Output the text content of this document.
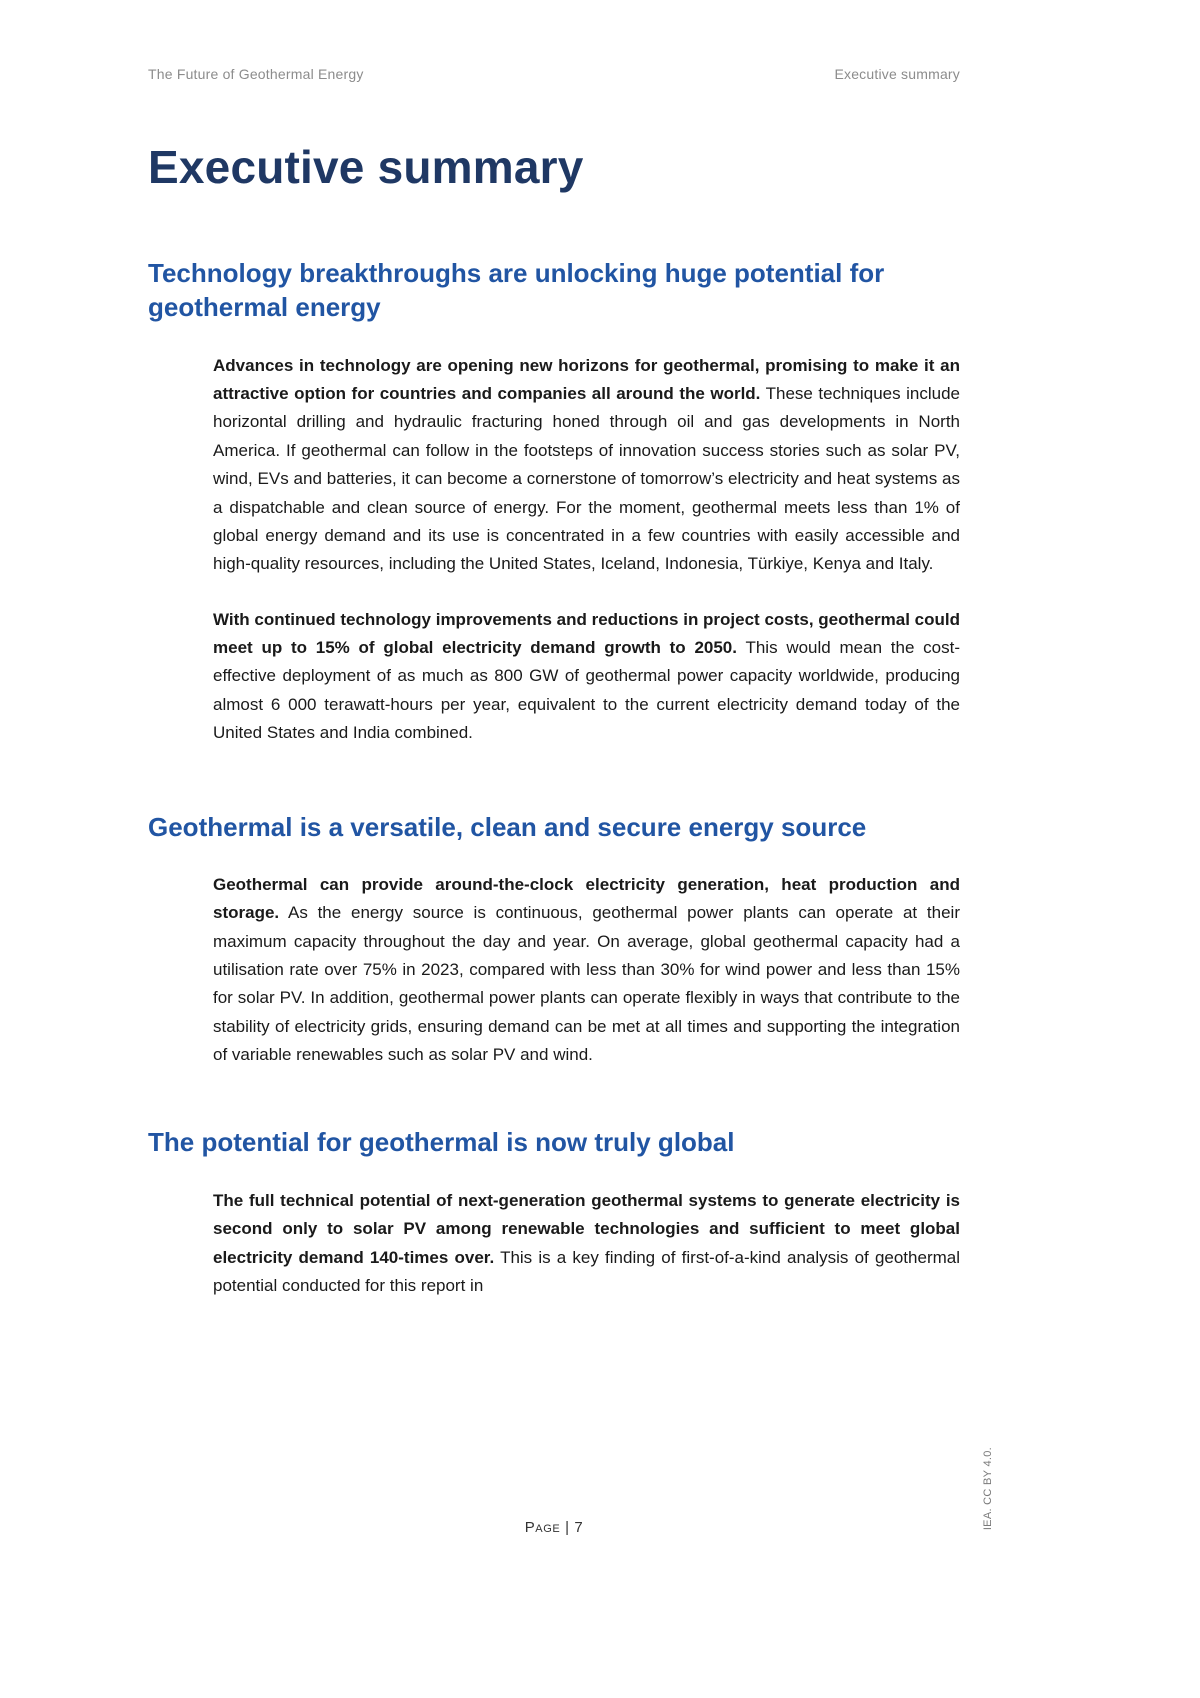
The Future of Geothermal Energy	Executive summary
Executive summary
Technology breakthroughs are unlocking huge potential for geothermal energy

Advances in technology are opening new horizons for geothermal, promising to make it an attractive option for countries and companies all around the world. These techniques include horizontal drilling and hydraulic fracturing honed through oil and gas developments in North America. If geothermal can follow in the footsteps of innovation success stories such as solar PV, wind, EVs and batteries, it can become a cornerstone of tomorrow’s electricity and heat systems as a dispatchable and clean source of energy. For the moment, geothermal meets less than 1% of global energy demand and its use is concentrated in a few countries with easily accessible and high-quality resources, including the United States, Iceland, Indonesia, Türkiye, Kenya and Italy.

With continued technology improvements and reductions in project costs, geothermal could meet up to 15% of global electricity demand growth to 2050. This would mean the cost-effective deployment of as much as 800 GW of geothermal power capacity worldwide, producing almost 6 000 terawatt-hours per year, equivalent to the current electricity demand today of the United States and India combined.

Geothermal is a versatile, clean and secure energy source

Geothermal can provide around-the-clock electricity generation, heat production and storage. As the energy source is continuous, geothermal power plants can operate at their maximum capacity throughout the day and year. On average, global geothermal capacity had a utilisation rate over 75% in 2023, compared with less than 30% for wind power and less than 15% for solar PV. In addition, geothermal power plants can operate flexibly in ways that contribute to the stability of electricity grids, ensuring demand can be met at all times and supporting the integration of variable renewables such as solar PV and wind.

The potential for geothermal is now truly global

The full technical potential of next-generation geothermal systems to generate electricity is second only to solar PV among renewable technologies and sufficient to meet global electricity demand 140-times over. This is a key finding of first-of-a-kind analysis of geothermal potential conducted for this report in

Page | 7	IEA. CC BY 4.0.
